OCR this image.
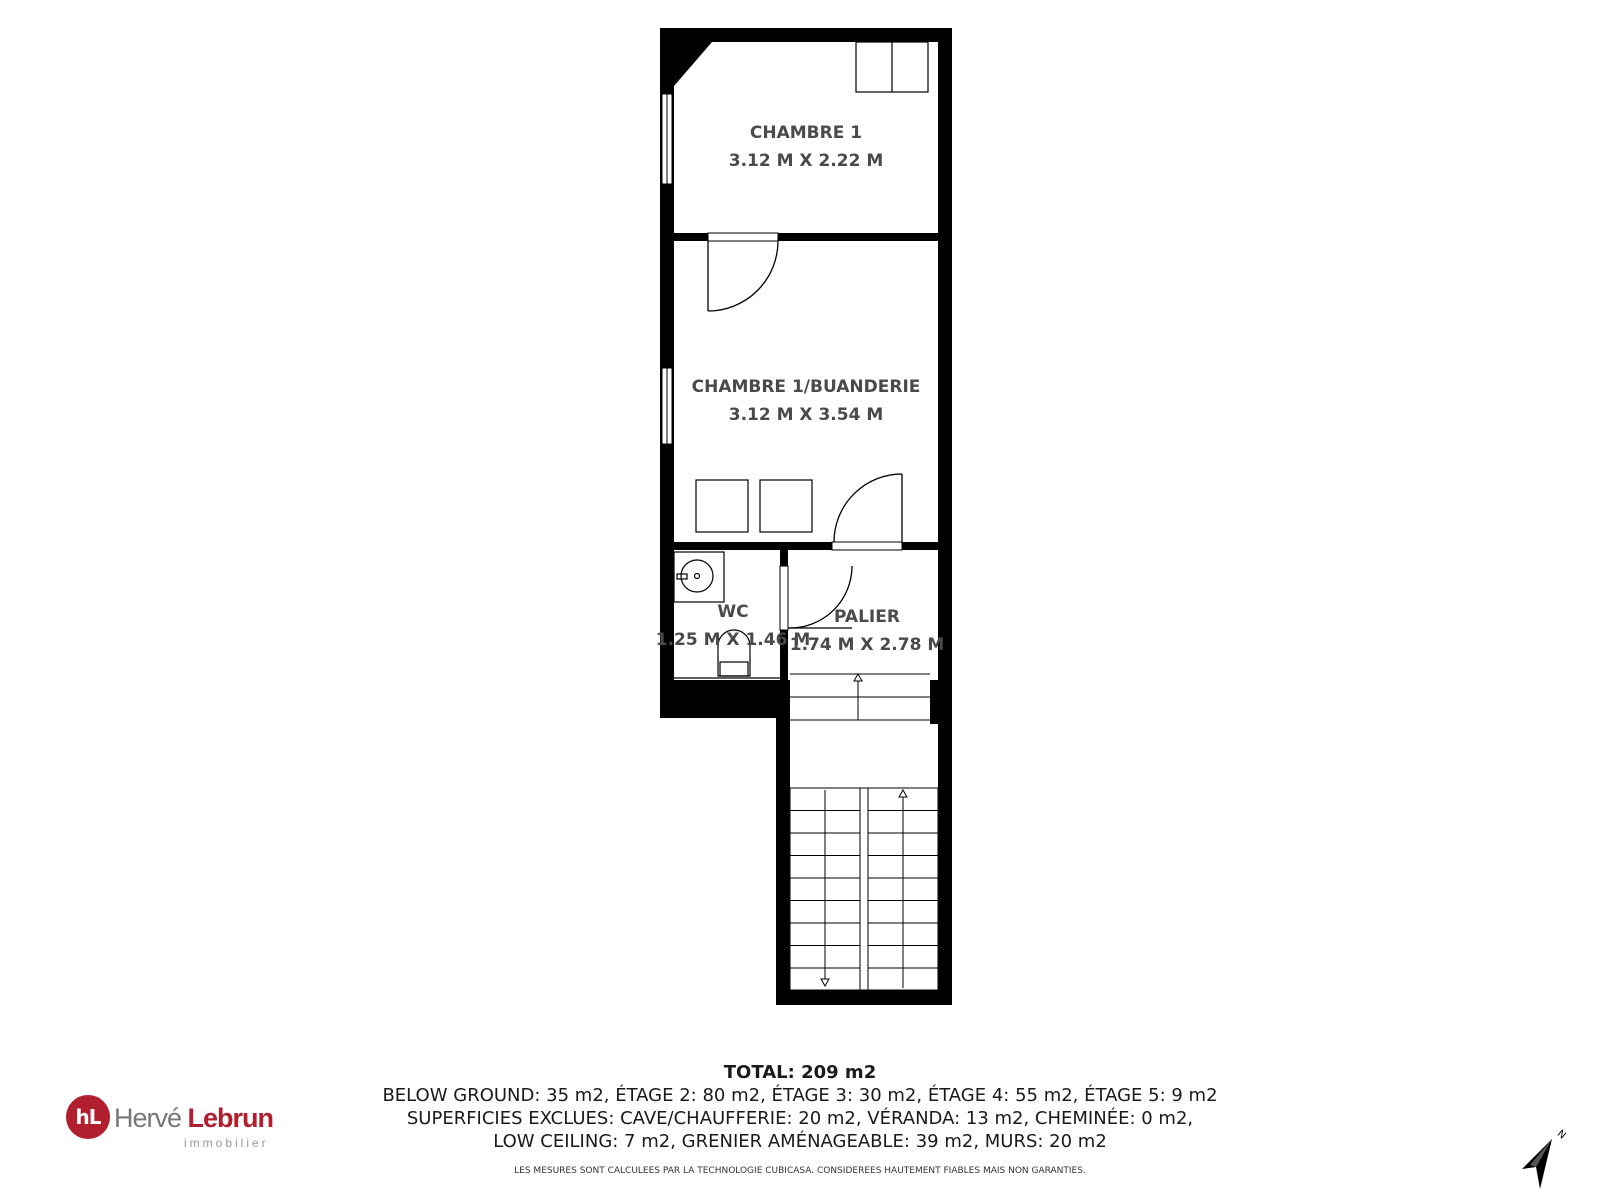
CHAMBRE 1
3.12 M X 2.22 M
CHAMBRE 1/BUANDERIE
3.12 M X 3.54 M
WC
1.25 M X 1.46 M
PALIER
1.74 M X 2.78 M
TOTAL: 209 m2
BELOW GROUND: 35 m2, ÉTAGE 2: 80 m2, ÉTAGE 3: 30 m2, ÉTAGE 4: 55 m2, ÉTAGE 5: 9 m2
SUPERFICIES EXCLUES: CAVE/CHAUFFERIE: 20 m2, VÉRANDA: 13 m2, CHEMINÉE: 0 m2,
LOW CEILING: 7 m2, GRENIER AMÉNAGEABLE: 39 m2, MURS: 20 m2
LES MESURES SONT CALCULEES PAR LA TECHNOLOGIE CUBICASA. CONSIDEREES HAUTEMENT FIABLES MAIS NON GARANTIES.
hL Hervé Lebrun
immobilier
N
